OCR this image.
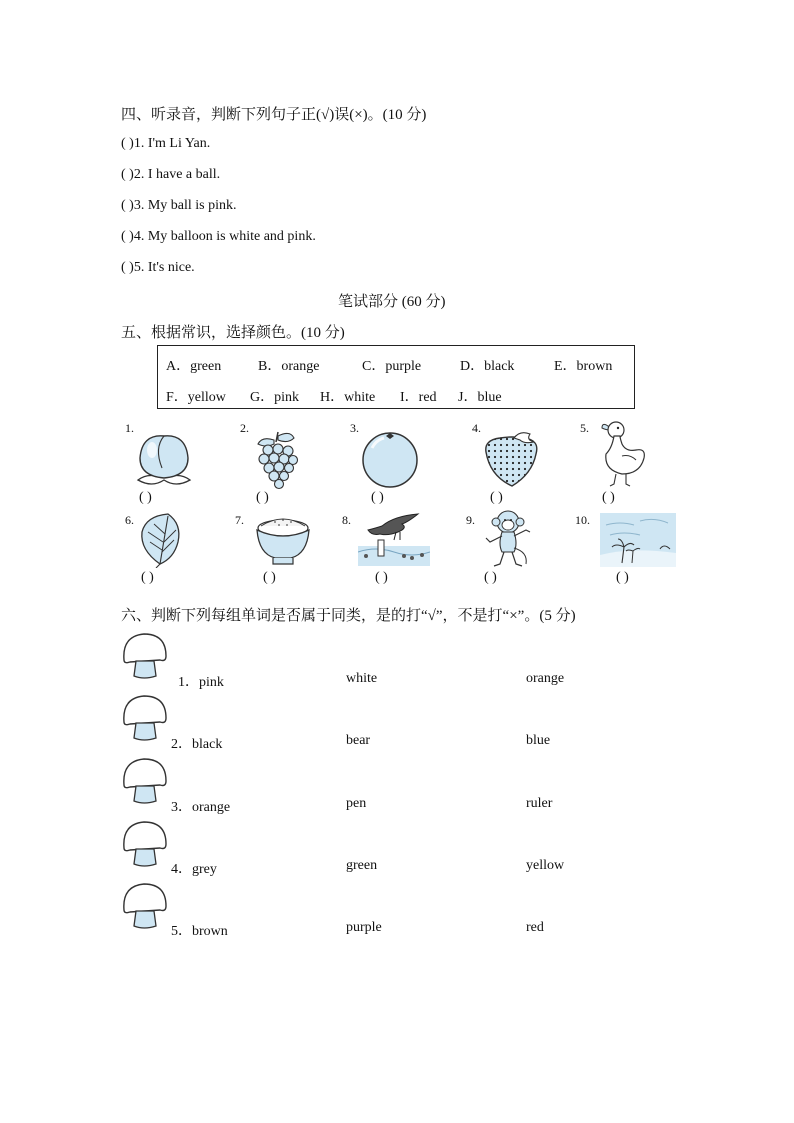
四、听录音，判断下列句子正(√)误(×)。(10 分)
( )1. I'm Li Yan.
( )2. I have a ball.
( )3. My ball is pink.
( )4. My balloon is white and pink.
( )5. It's nice.
笔试部分 (60 分)
五、根据常识，选择颜色。(10 分)
A．green	B．orange	C．purple	D．black	E．brown
F．yellow G．pink H．white I．red J．blue
1.
( )
2.
( )
3.
( )
4.
( )
5.
( )
6.
( )
7.
( )
8.
( )
9.
( )
10.
( )
六、判断下列每组单词是否属于同类，是的打“√”，不是打“×”。(5 分)
1．pink	white	orange
2．black	bear	blue
3．orange	pen	ruler
4．grey	green	yellow
5．brown	purple	red
